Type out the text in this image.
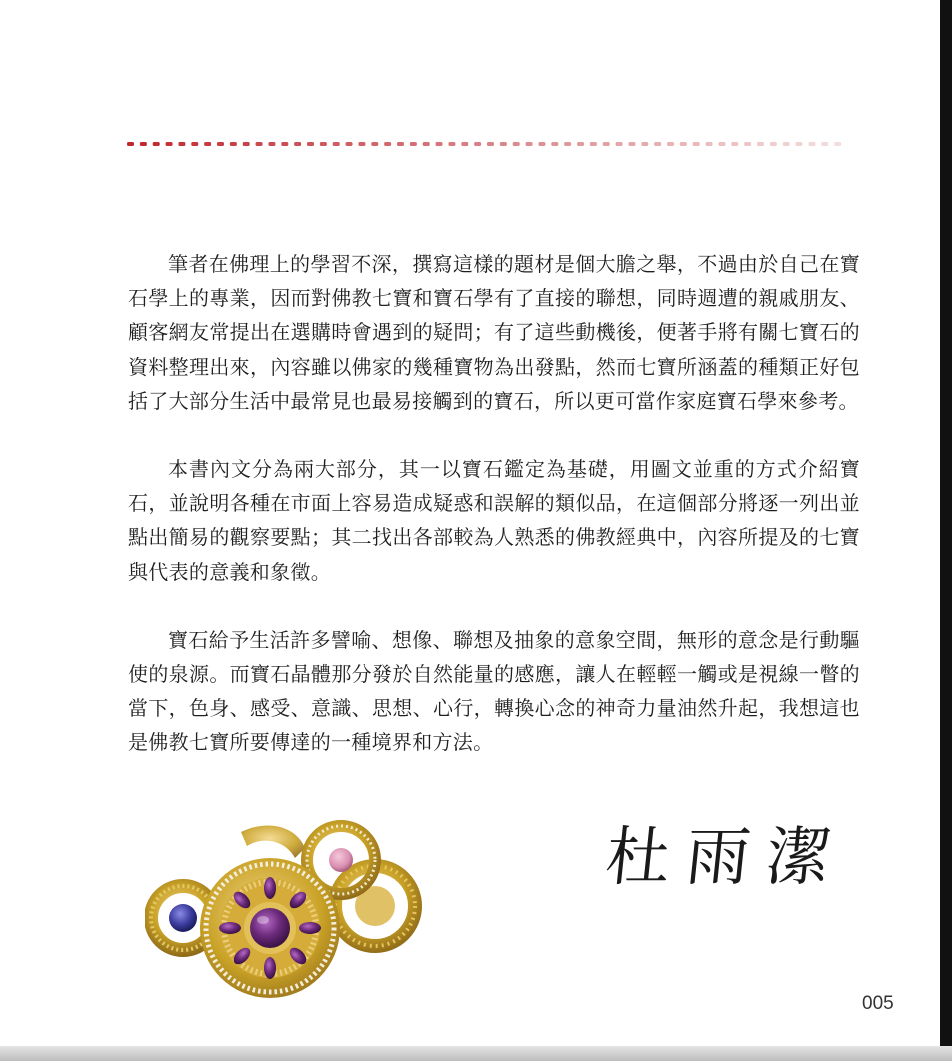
筆者在佛理上的學習不深，撰寫這樣的題材是個大膽之舉，不過由於自己在寶石學上的專業，因而對佛教七寶和寶石學有了直接的聯想，同時週遭的親戚朋友、顧客網友常提出在選購時會遇到的疑問；有了這些動機後，便著手將有關七寶石的資料整理出來，內容雖以佛家的幾種寶物為出發點，然而七寶所涵蓋的種類正好包括了大部分生活中最常見也最易接觸到的寶石，所以更可當作家庭寶石學來參考。

本書內文分為兩大部分，其一以寶石鑑定為基礎，用圖文並重的方式介紹寶石，並說明各種在市面上容易造成疑惑和誤解的類似品，在這個部分將逐一列出並點出簡易的觀察要點；其二找出各部較為人熟悉的佛教經典中，內容所提及的七寶與代表的意義和象徵。

寶石給予生活許多譬喻、想像、聯想及抽象的意象空間，無形的意念是行動驅使的泉源。而寶石晶體那分發於自然能量的感應，讓人在輕輕一觸或是視線一瞥的當下，色身、感受、意識、思想、心行，轉換心念的神奇力量油然升起，我想這也是佛教七寶所要傳達的一種境界和方法。

杜雨潔
005
